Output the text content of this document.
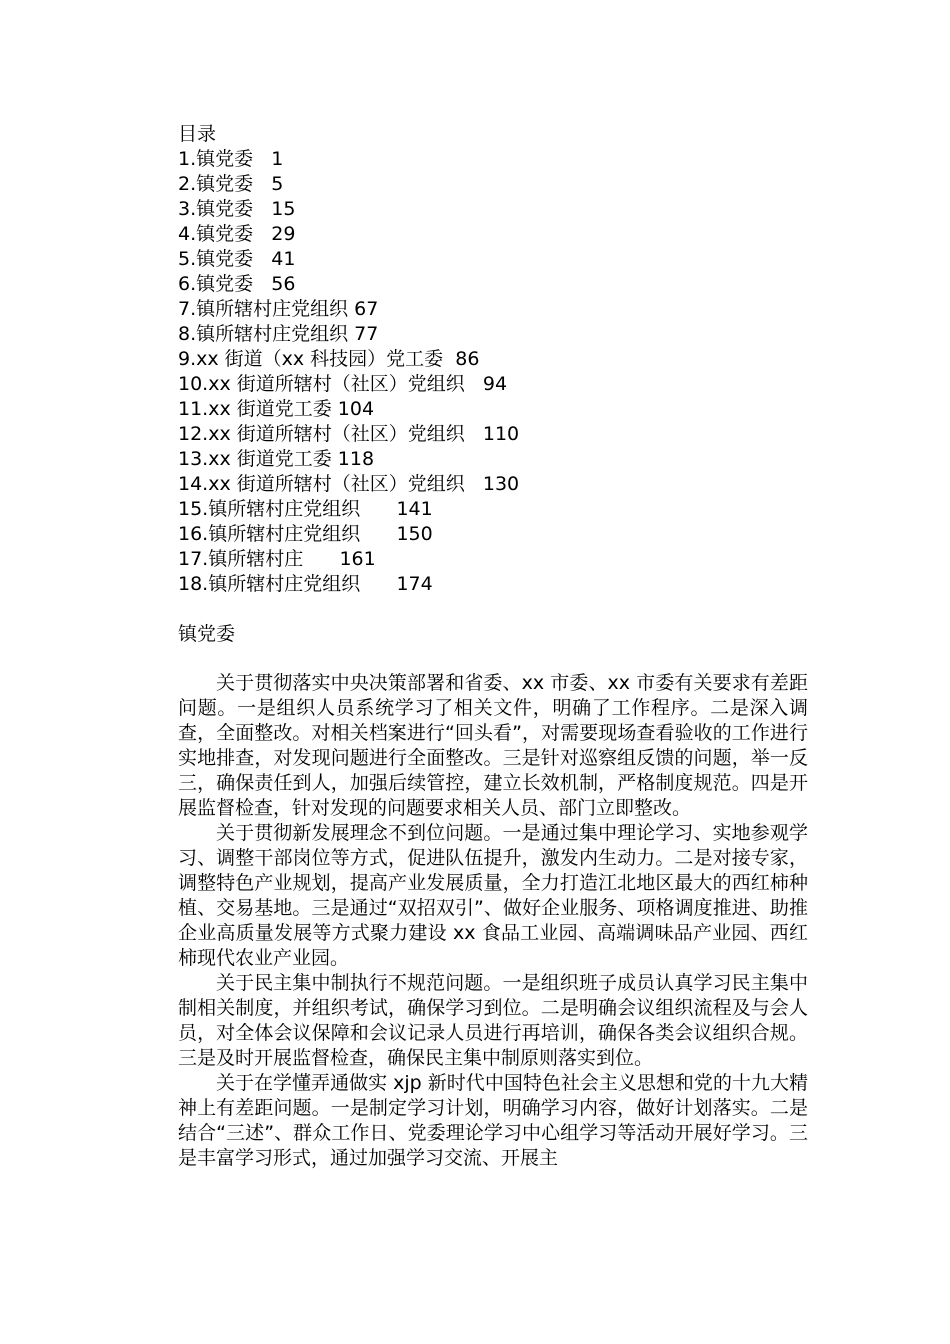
目录

1.镇党委   1
2.镇党委   5
3.镇党委   15
4.镇党委   29
5.镇党委   41
6.镇党委   56
7.镇所辖村庄党组织 67
8.镇所辖村庄党组织 77
9.xx 街道（xx 科技园）党工委  86
10.xx 街道所辖村（社区）党组织   94
11.xx 街道党工委 104
12.xx 街道所辖村（社区）党组织   110
13.xx 街道党工委 118
14.xx 街道所辖村（社区）党组织   130
15.镇所辖村庄党组织      141
16.镇所辖村庄党组织      150
17.镇所辖村庄      161
18.镇所辖村庄党组织      174

镇党委

关于贯彻落实中央决策部署和省委、xx 市委、xx 市委有关要求有差距问题。一是组织人员系统学习了相关文件，明确了工作程序。二是深入调查，全面整改。对相关档案进行“回头看”，对需要现场查看验收的工作进行实地排查，对发现问题进行全面整改。三是针对巡察组反馈的问题，举一反三，确保责任到人，加强后续管控，建立长效机制，严格制度规范。四是开展监督检查，针对发现的问题要求相关人员、部门立即整改。

关于贯彻新发展理念不到位问题。一是通过集中理论学习、实地参观学习、调整干部岗位等方式，促进队伍提升，激发内生动力。二是对接专家，调整特色产业规划，提高产业发展质量，全力打造江北地区最大的西红柿种植、交易基地。三是通过“双招双引”、做好企业服务、项格调度推进、助推企业高质量发展等方式聚力建设 xx 食品工业园、高端调味品产业园、西红柿现代农业产业园。

关于民主集中制执行不规范问题。一是组织班子成员认真学习民主集中制相关制度，并组织考试，确保学习到位。二是明确会议组织流程及与会人员，对全体会议保障和会议记录人员进行再培训，确保各类会议组织合规。三是及时开展监督检查，确保民主集中制原则落实到位。

关于在学懂弄通做实 xjp 新时代中国特色社会主义思想和党的十九大精神上有差距问题。一是制定学习计划，明确学习内容，做好计划落实。二是结合“三述”、群众工作日、党委理论学习中心组学习等活动开展好学习。三是丰富学习形式，通过加强学习交流、开展主
